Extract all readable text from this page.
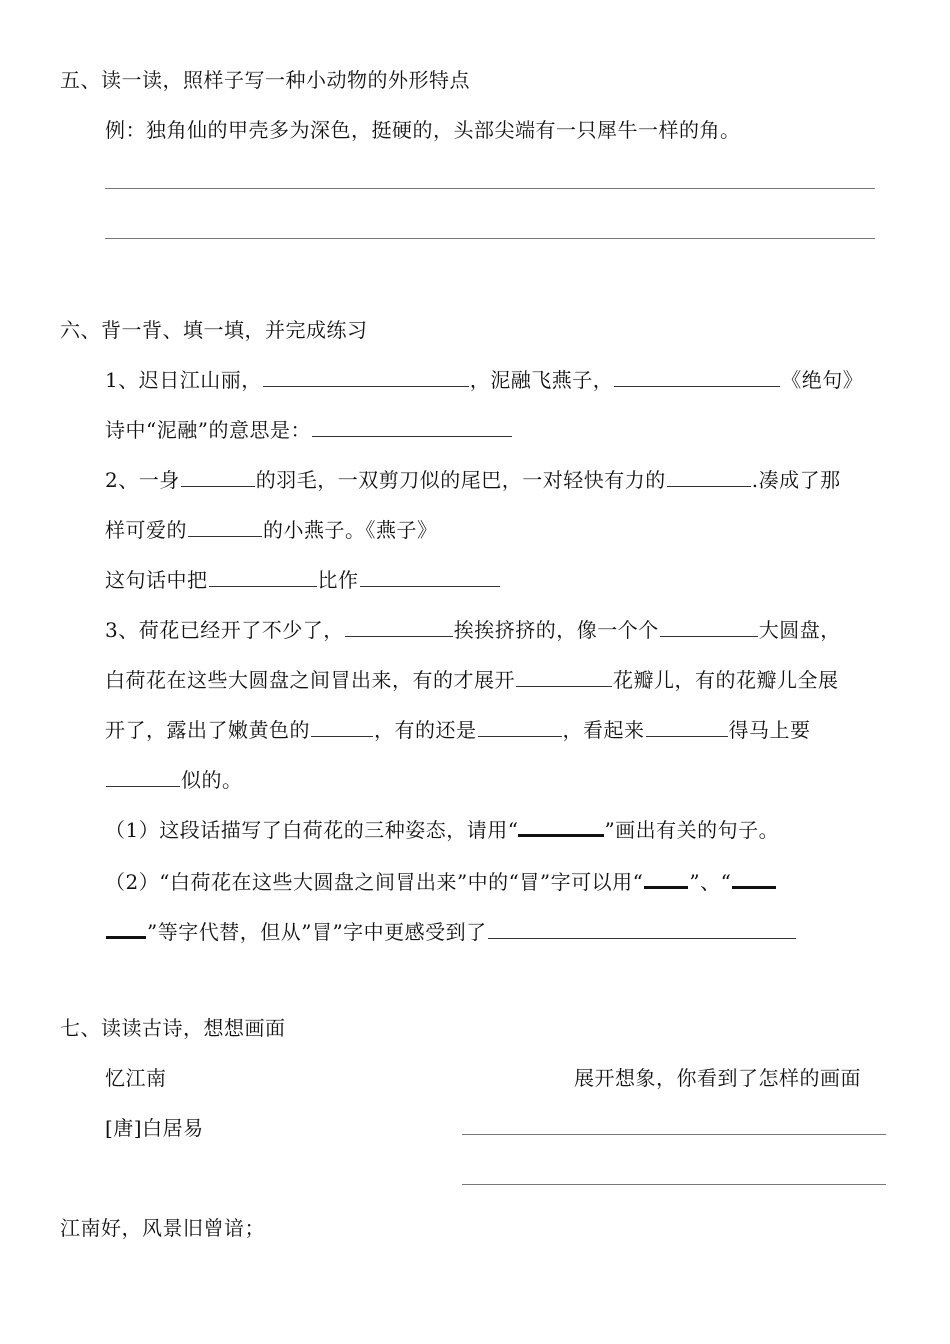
五、读一读，照样子写一种小动物的外形特点
例：独角仙的甲壳多为深色，挺硬的，头部尖端有一只犀牛一样的角。
六、背一背、填一填，并完成练习
1、迟日江山丽，	，泥融飞燕子，	《绝句》
诗中“泥融”的意思是：
2、一身	的羽毛，一双剪刀似的尾巴，一对轻快有力的	.凑成了那
样可爱的	的小燕子。《燕子》
这句话中把	比作
3、荷花已经开了不少了，	挨挨挤挤的，像一个个	大圆盘，
白荷花在这些大圆盘之间冒出来，有的才展开	花瓣儿，有的花瓣儿全展
开了，露出了嫩黄色的	，有的还是	，看起来	得马上要
似的。
（1）这段话描写了白荷花的三种姿态，请用“	”画出有关的句子。
（2）“白荷花在这些大圆盘之间冒出来”中的“冒”字可以用“ ”、“
”等字代替，但从”冒”字中更感受到了
七、读读古诗，想想画面
忆江南	展开想象，你看到了怎样的画面
[唐]白居易
江南好，风景旧曾谙；
